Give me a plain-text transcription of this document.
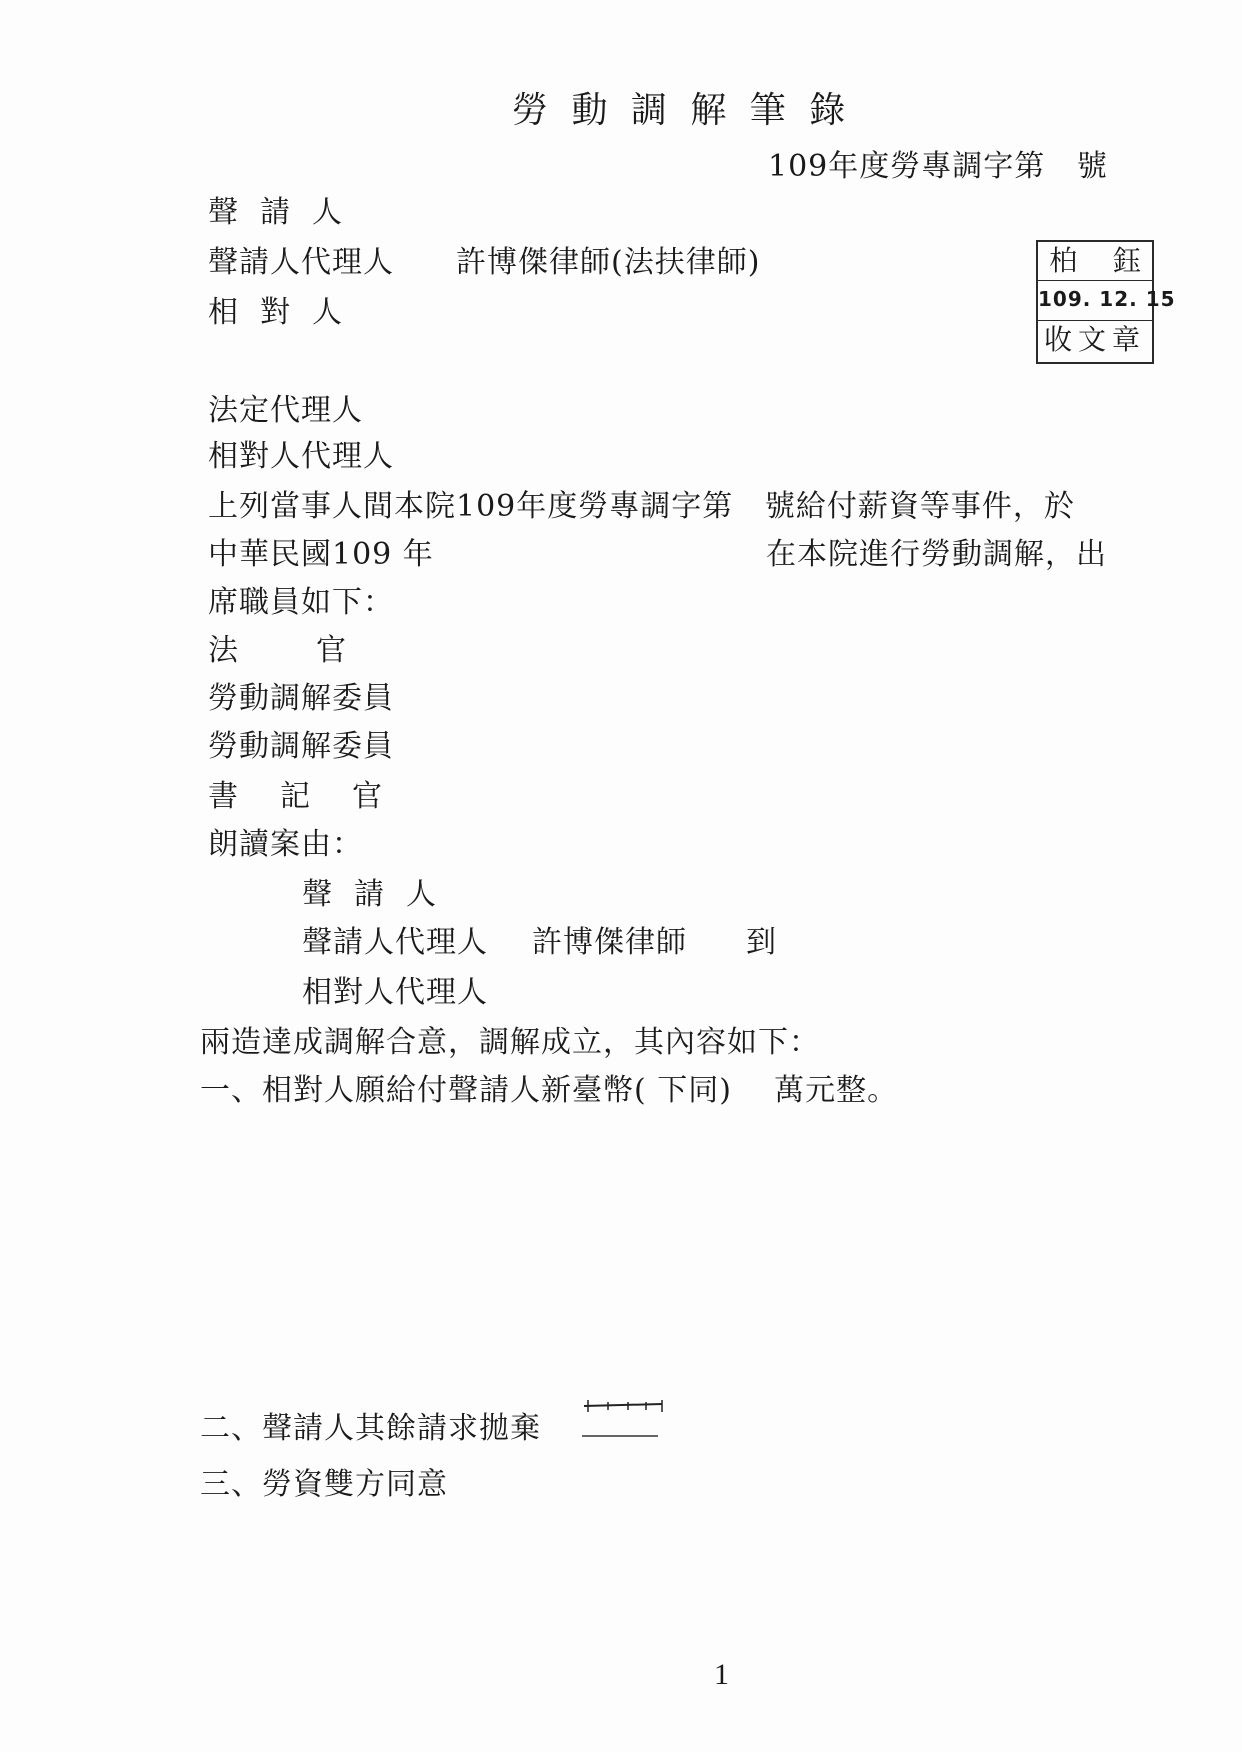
勞 動 調 解 筆 錄
109年度勞專調字第   號
聲請人
聲請人代理人 許博傑律師(法扶律師)
相對人
柏    鈺
109. 12. 15
收文章
法定代理人
相對人代理人
上列當事人間本院109年度勞專調字第   號給付薪資等事件，於
中華民國109 年	在本院進行勞動調解，出
席職員如下：
法官
勞動調解委員
勞動調解委員
書記官
朗讀案由：
聲請人
聲請人代理人 許博傑律師 到
相對人代理人
兩造達成調解合意，調解成立，其內容如下：
一、相對人願給付聲請人新臺幣( 下同)    萬元整。
二、聲請人其餘請求拋棄
三、勞資雙方同意
1
